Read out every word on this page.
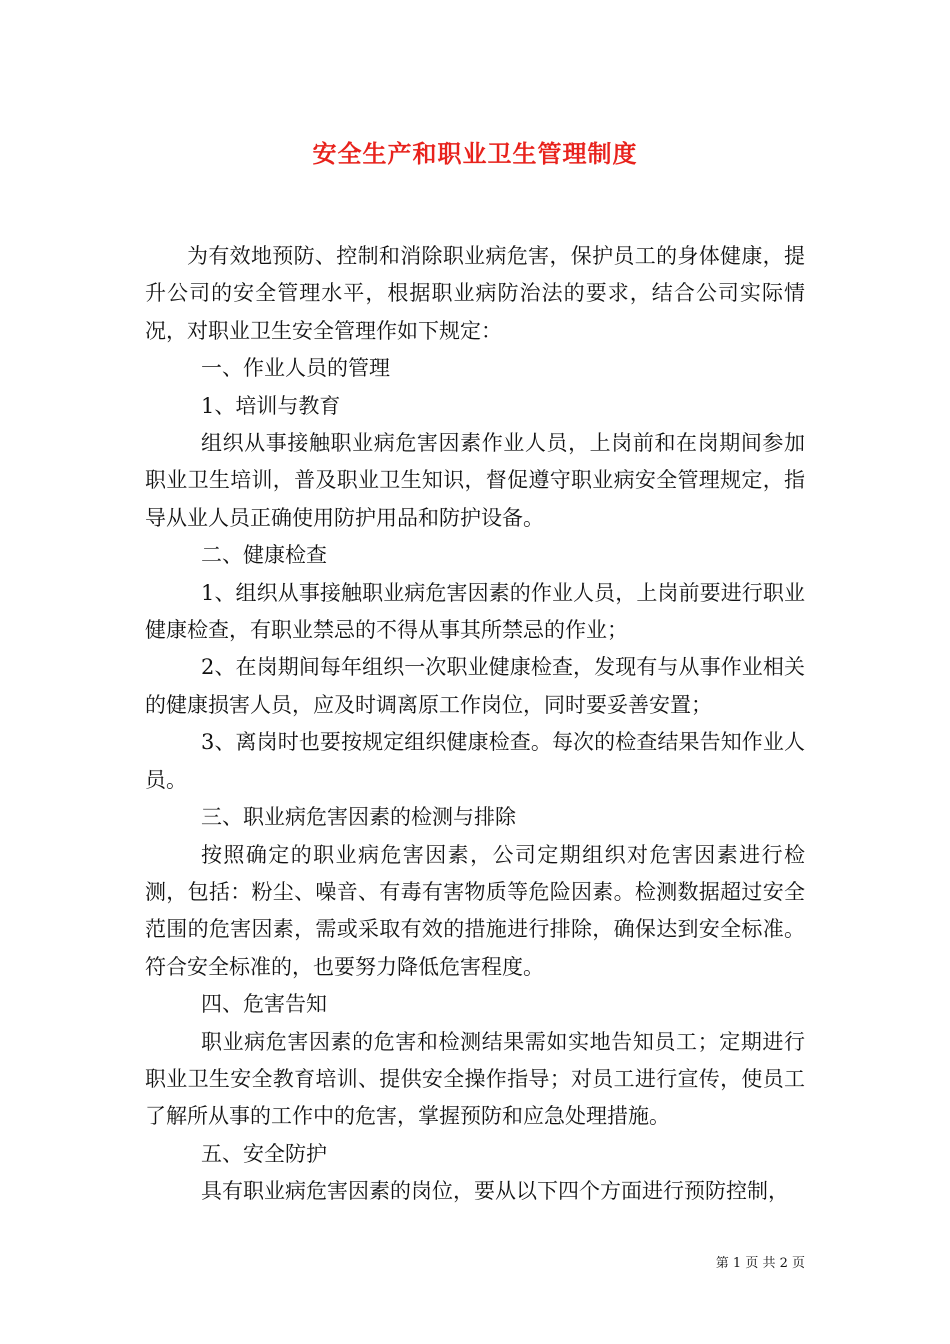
安全生产和职业卫生管理制度

为有效地预防、控制和消除职业病危害，保护员工的身体健康，提升公司的安全管理水平，根据职业病防治法的要求，结合公司实际情况，对职业卫生安全管理作如下规定：

一、作业人员的管理

1、培训与教育

组织从事接触职业病危害因素作业人员，上岗前和在岗期间参加职业卫生培训，普及职业卫生知识，督促遵守职业病安全管理规定，指导从业人员正确使用防护用品和防护设备。

二、健康检查

1、组织从事接触职业病危害因素的作业人员，上岗前要进行职业健康检查，有职业禁忌的不得从事其所禁忌的作业；

2、在岗期间每年组织一次职业健康检查，发现有与从事作业相关的健康损害人员，应及时调离原工作岗位，同时要妥善安置；

3、离岗时也要按规定组织健康检查。每次的检查结果告知作业人员。

三、职业病危害因素的检测与排除

按照确定的职业病危害因素，公司定期组织对危害因素进行检测，包括：粉尘、噪音、有毒有害物质等危险因素。检测数据超过安全范围的危害因素，需或采取有效的措施进行排除，确保达到安全标准。符合安全标准的，也要努力降低危害程度。

四、危害告知

职业病危害因素的危害和检测结果需如实地告知员工；定期进行职业卫生安全教育培训、提供安全操作指导；对员工进行宣传，使员工了解所从事的工作中的危害，掌握预防和应急处理措施。

五、安全防护

具有职业病危害因素的岗位，要从以下四个方面进行预防控制，

第 1 页 共 2 页
